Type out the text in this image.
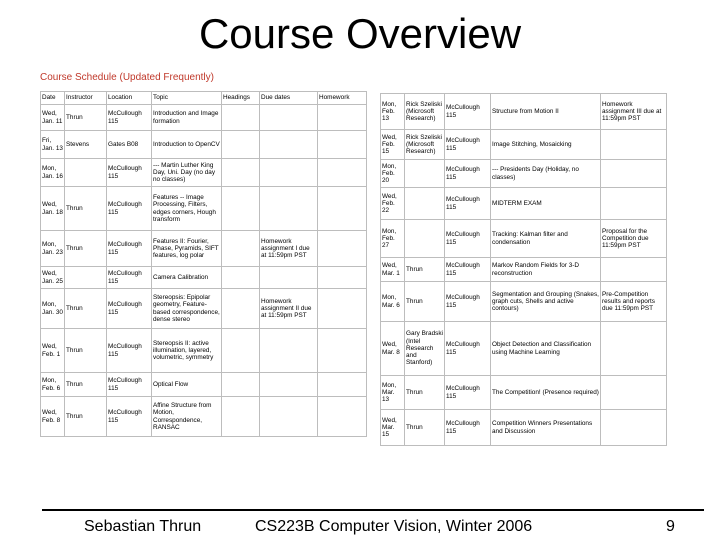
Course Overview
Course Schedule (Updated Frequently)
Date	Instructor	Location	Topic	Headings	Due dates	Homework
Wed, Jan. 11	Thrun	McCullough 115	Introduction and Image formation			
Fri, Jan. 13	Stevens	Gates B08	Introduction to OpenCV			
Mon, Jan. 16		McCullough 115	--- Martin Luther King Day, Uni. Day (no day no classes)			
Wed, Jan. 18	Thrun	McCullough 115	Features -- Image Processing, Filters, edges corners, Hough transform			
Mon, Jan. 23	Thrun	McCullough 115	Features II: Fourier, Phase, Pyramids, SIFT features, log polar		Homework assignment I due at 11:59pm PST	
Wed, Jan. 25		McCullough 115	Camera Calibration			
Mon, Jan. 30	Thrun	McCullough 115	Stereopsis: Epipolar geometry, Feature-based correspondence, dense stereo		Homework assignment II due at 11:59pm PST	
Wed, Feb. 1	Thrun	McCullough 115	Stereopsis II: active illumination, layered, volumetric, symmetry			
Mon, Feb. 6	Thrun	McCullough 115	Optical Flow			
Wed, Feb. 8	Thrun	McCullough 115	Affine Structure from Motion, Correspondence, RANSAC			
Mon, Feb. 13	Rick Szeliski (Microsoft Research)	McCullough 115	Structure from Motion II	Homework assignment III due at 11:59pm PST
Wed, Feb. 15	Rick Szeliski (Microsoft Research)	McCullough 115	Image Stitching, Mosaicking	
Mon, Feb. 20		McCullough 115	--- Presidents Day (Holiday, no classes)	
Wed, Feb. 22		McCullough 115	MIDTERM EXAM	
Mon, Feb. 27		McCullough 115	Tracking: Kalman filter and condensation	Proposal for the Competition due 11:59pm PST
Wed, Mar. 1	Thrun	McCullough 115	Markov Random Fields for 3-D reconstruction	
Mon, Mar. 6	Thrun	McCullough 115	Segmentation and Grouping (Snakes, graph cuts, Shells and active contours)	Pre-Competition results and reports due 11:59pm PST
Wed, Mar. 8	Gary Bradski (Intel Research and Stanford)	McCullough 115	Object Detection and Classification using Machine Learning	
Mon, Mar. 13	Thrun	McCullough 115	The Competition! (Presence required)	
Wed, Mar. 15	Thrun	McCullough 115	Competition Winners Presentations and Discussion	
Sebastian Thrun	CS223B Computer Vision, Winter 2006	9
